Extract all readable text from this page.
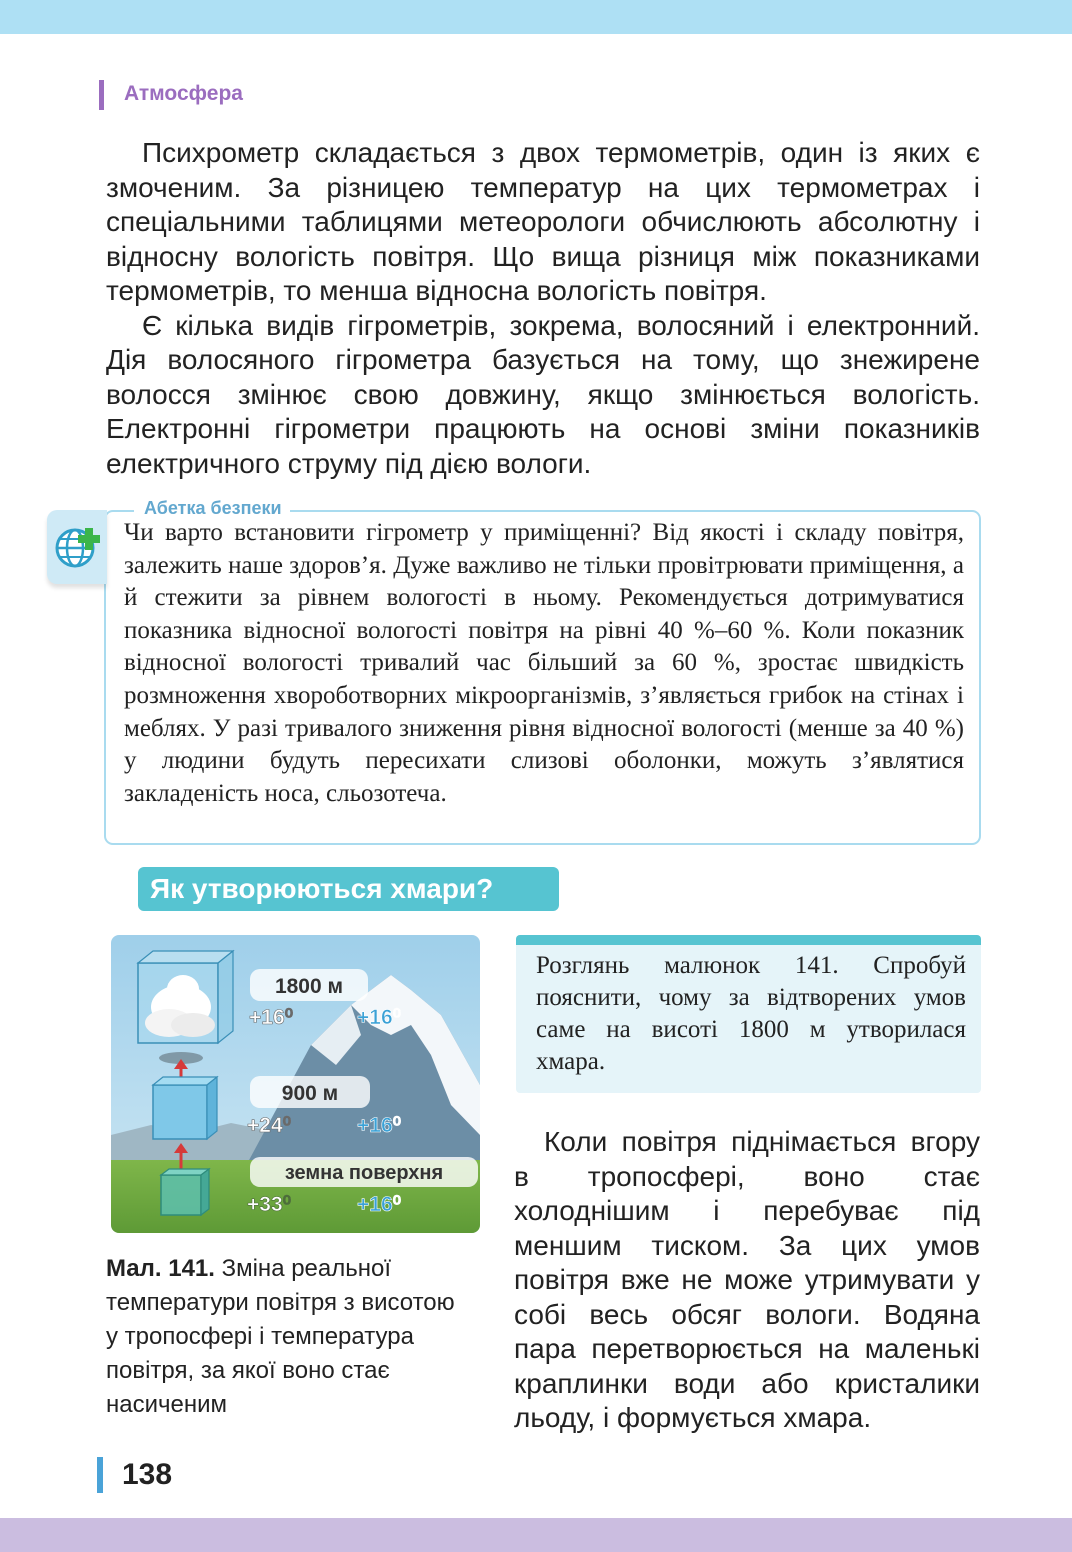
Атмосфера

Психрометр складається з двох термометрів, один із яких є змоченим. За різницею температур на цих термометрах і спеціальними таблицями метеорологи обчислюють абсолютну і відносну вологість повітря. Що вища різниця між показниками термометрів, то менша відносна вологість повітря.

Є кілька видів гігрометрів, зокрема, волосяний і електронний. Дія волосяного гігрометра базується на тому, що знежирене волосся змінює свою довжину, якщо змінюється вологість. Електронні гігрометри працюють на основі зміни показників електричного струму під дією вологи.

Абетка безпеки
Чи варто встановити гігрометр у приміщенні? Від якості і складу повітря, залежить наше здоров’я. Дуже важливо не тільки провітрювати приміщення, а й стежити за рівнем вологості в ньому. Рекомендується дотримуватися показника відносної вологості повітря на рівні 40 %–60 %. Коли показник відносної вологості тривалий час більший за 60 %, зростає швидкість розмноження хвороботворних мікроорганізмів, з’являється грибок на стінах і меблях. У разі тривалого зниження рівня відносної вологості (менше за 40 %) у людини будуть пересихати слизові оболонки, можуть з’являтися закладеність носа, сльозотеча.
Як утворюються хмари?
1800 м
+16⁰	+16⁰
900 м
+24⁰	+16⁰
земна поверхня
+33⁰	+16⁰
Мал. 141. Зміна реальної температури повітря з висотою у тропосфері і температура повітря, за якої воно стає насиченим
Розглянь малюнок 141. Спробуй пояснити, чому за відтворених умов саме на висоті 1800 м утворилася хмара.
Коли повітря піднімається вгору в тропосфері, воно стає холоднішим і перебуває під меншим тиском. За цих умов повітря вже не може утримувати у собі весь обсяг вологи. Водяна пара перетворюється на маленькі краплинки води або кристалики льоду, і формується хмара.
138
